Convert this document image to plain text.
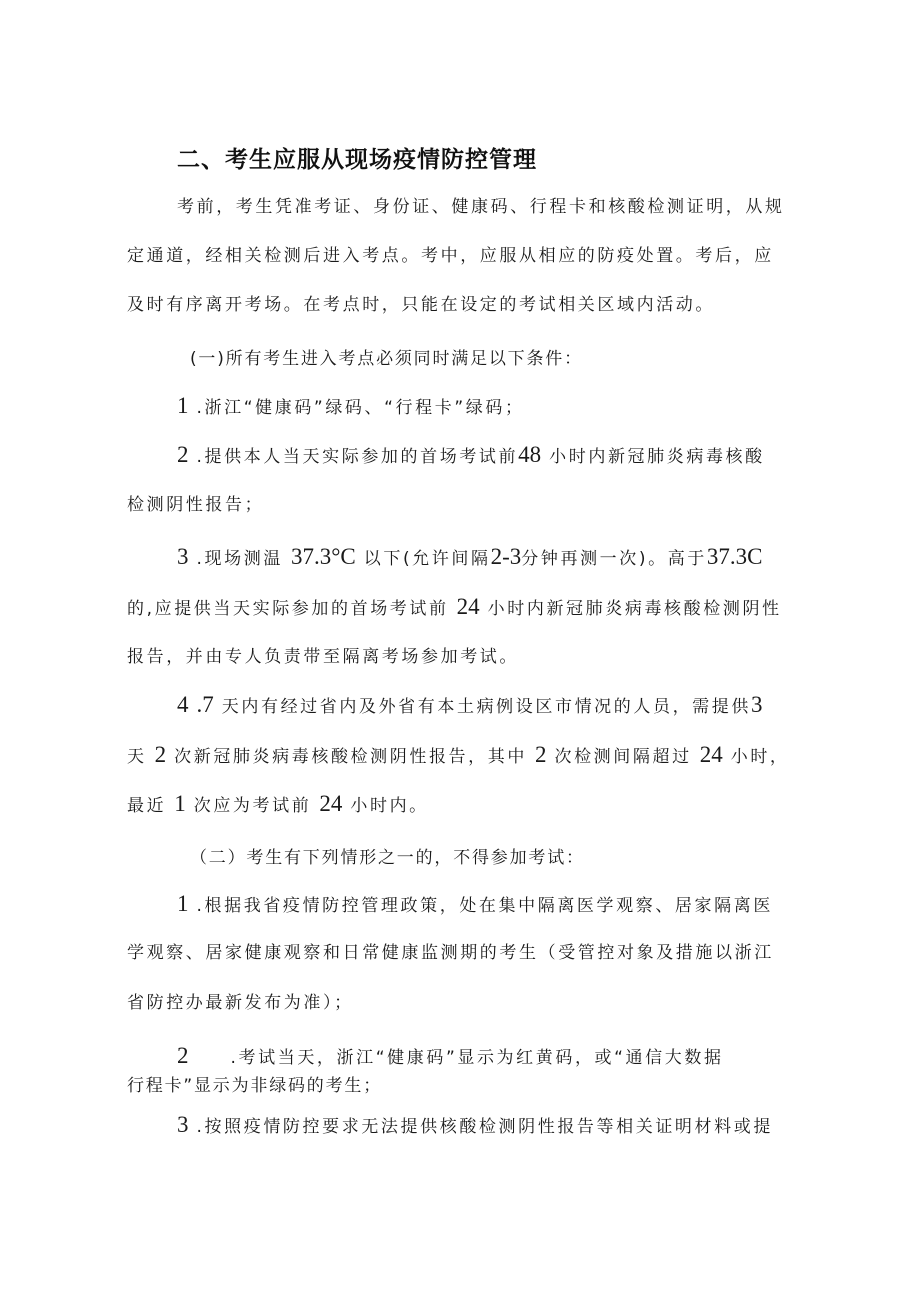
二、考生应服从现场疫情防控管理
考前，考生凭准考证、身份证、健康码、行程卡和核酸检测证明，从规
定通道，经相关检测后进入考点。考中，应服从相应的防疫处置。考后，应
及时有序离开考场。在考点时，只能在设定的考试相关区域内活动。
(一)所有考生进入考点必须同时满足以下条件：
1 .浙江“健康码”绿码、“行程卡”绿码；
2 .提供本人当天实际参加的首场考试前48 小时内新冠肺炎病毒核酸
检测阴性报告；
3 .现场测温 37.3°C 以下(允许间隔2-3分钟再测一次)。高于37.3C
的,应提供当天实际参加的首场考试前 24 小时内新冠肺炎病毒核酸检测阴性
报告，并由专人负责带至隔离考场参加考试。
4 .7 天内有经过省内及外省有本土病例设区市情况的人员，需提供3
天 2 次新冠肺炎病毒核酸检测阴性报告，其中 2 次检测间隔超过 24 小时，
最近 1 次应为考试前 24 小时内。
（二）考生有下列情形之一的，不得参加考试：
1 .根据我省疫情防控管理政策，处在集中隔离医学观察、居家隔离医
学观察、居家健康观察和日常健康监测期的考生（受管控对象及措施以浙江
省防控办最新发布为准）；
2 .考试当天，浙江“健康码”显示为红黄码，或“通信大数据
行程卡”显示为非绿码的考生；
3 .按照疫情防控要求无法提供核酸检测阴性报告等相关证明材料或提
